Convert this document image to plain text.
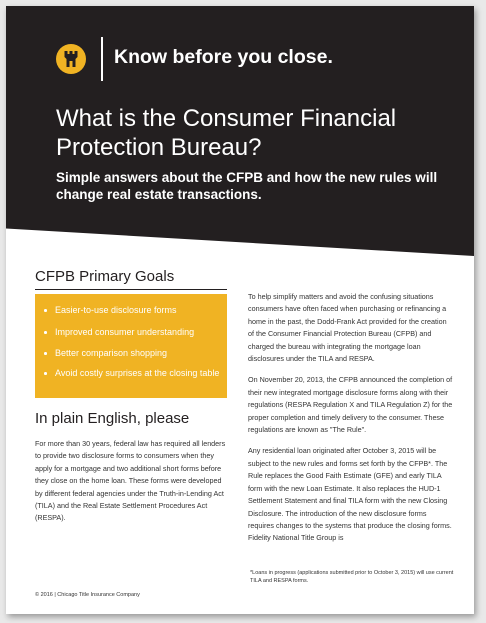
Know before you close.
What is the Consumer Financial Protection Bureau?
Simple answers about the CFPB and how the new rules will change real estate transactions.
CFPB Primary Goals
Easier-to-use disclosure forms
Improved consumer understanding
Better comparison shopping
Avoid costly surprises at the closing table
In plain English, please

For more than 30 years, federal law has required all lenders to provide two disclosure forms to consumers when they apply for a mortgage and two additional short forms before they close on the home loan. These forms were developed by different federal agencies under the Truth-in-Lending Act (TILA) and the Real Estate Settlement Procedures Act (RESPA).

To help simplify matters and avoid the confusing situations consumers have often faced when purchasing or refinancing a home in the past, the Dodd-Frank Act provided for the creation of the Consumer Financial Protection Bureau (CFPB) and charged the bureau with integrating the mortgage loan disclosures under the TILA and RESPA.

On November 20, 2013, the CFPB announced the completion of their new integrated mortgage disclosure forms along with their regulations (RESPA Regulation X and TILA Regulation Z) for the proper completion and timely delivery to the consumer. These regulations are known as "The Rule".

Any residential loan originated after October 3, 2015 will be subject to the new rules and forms set forth by the CFPB*. The Rule replaces the Good Faith Estimate (GFE) and early TILA form with the new Loan Estimate. It also replaces the HUD-1 Settlement Statement and final TILA form with the new Closing Disclosure. The introduction of the new disclosure forms requires changes to the systems that produce the closing forms. Fidelity National Title Group is

*Loans in progress (applications submitted prior to October 3, 2015) will use current TILA and RESPA forms.
© 2016 | Chicago Title Insurance Company
